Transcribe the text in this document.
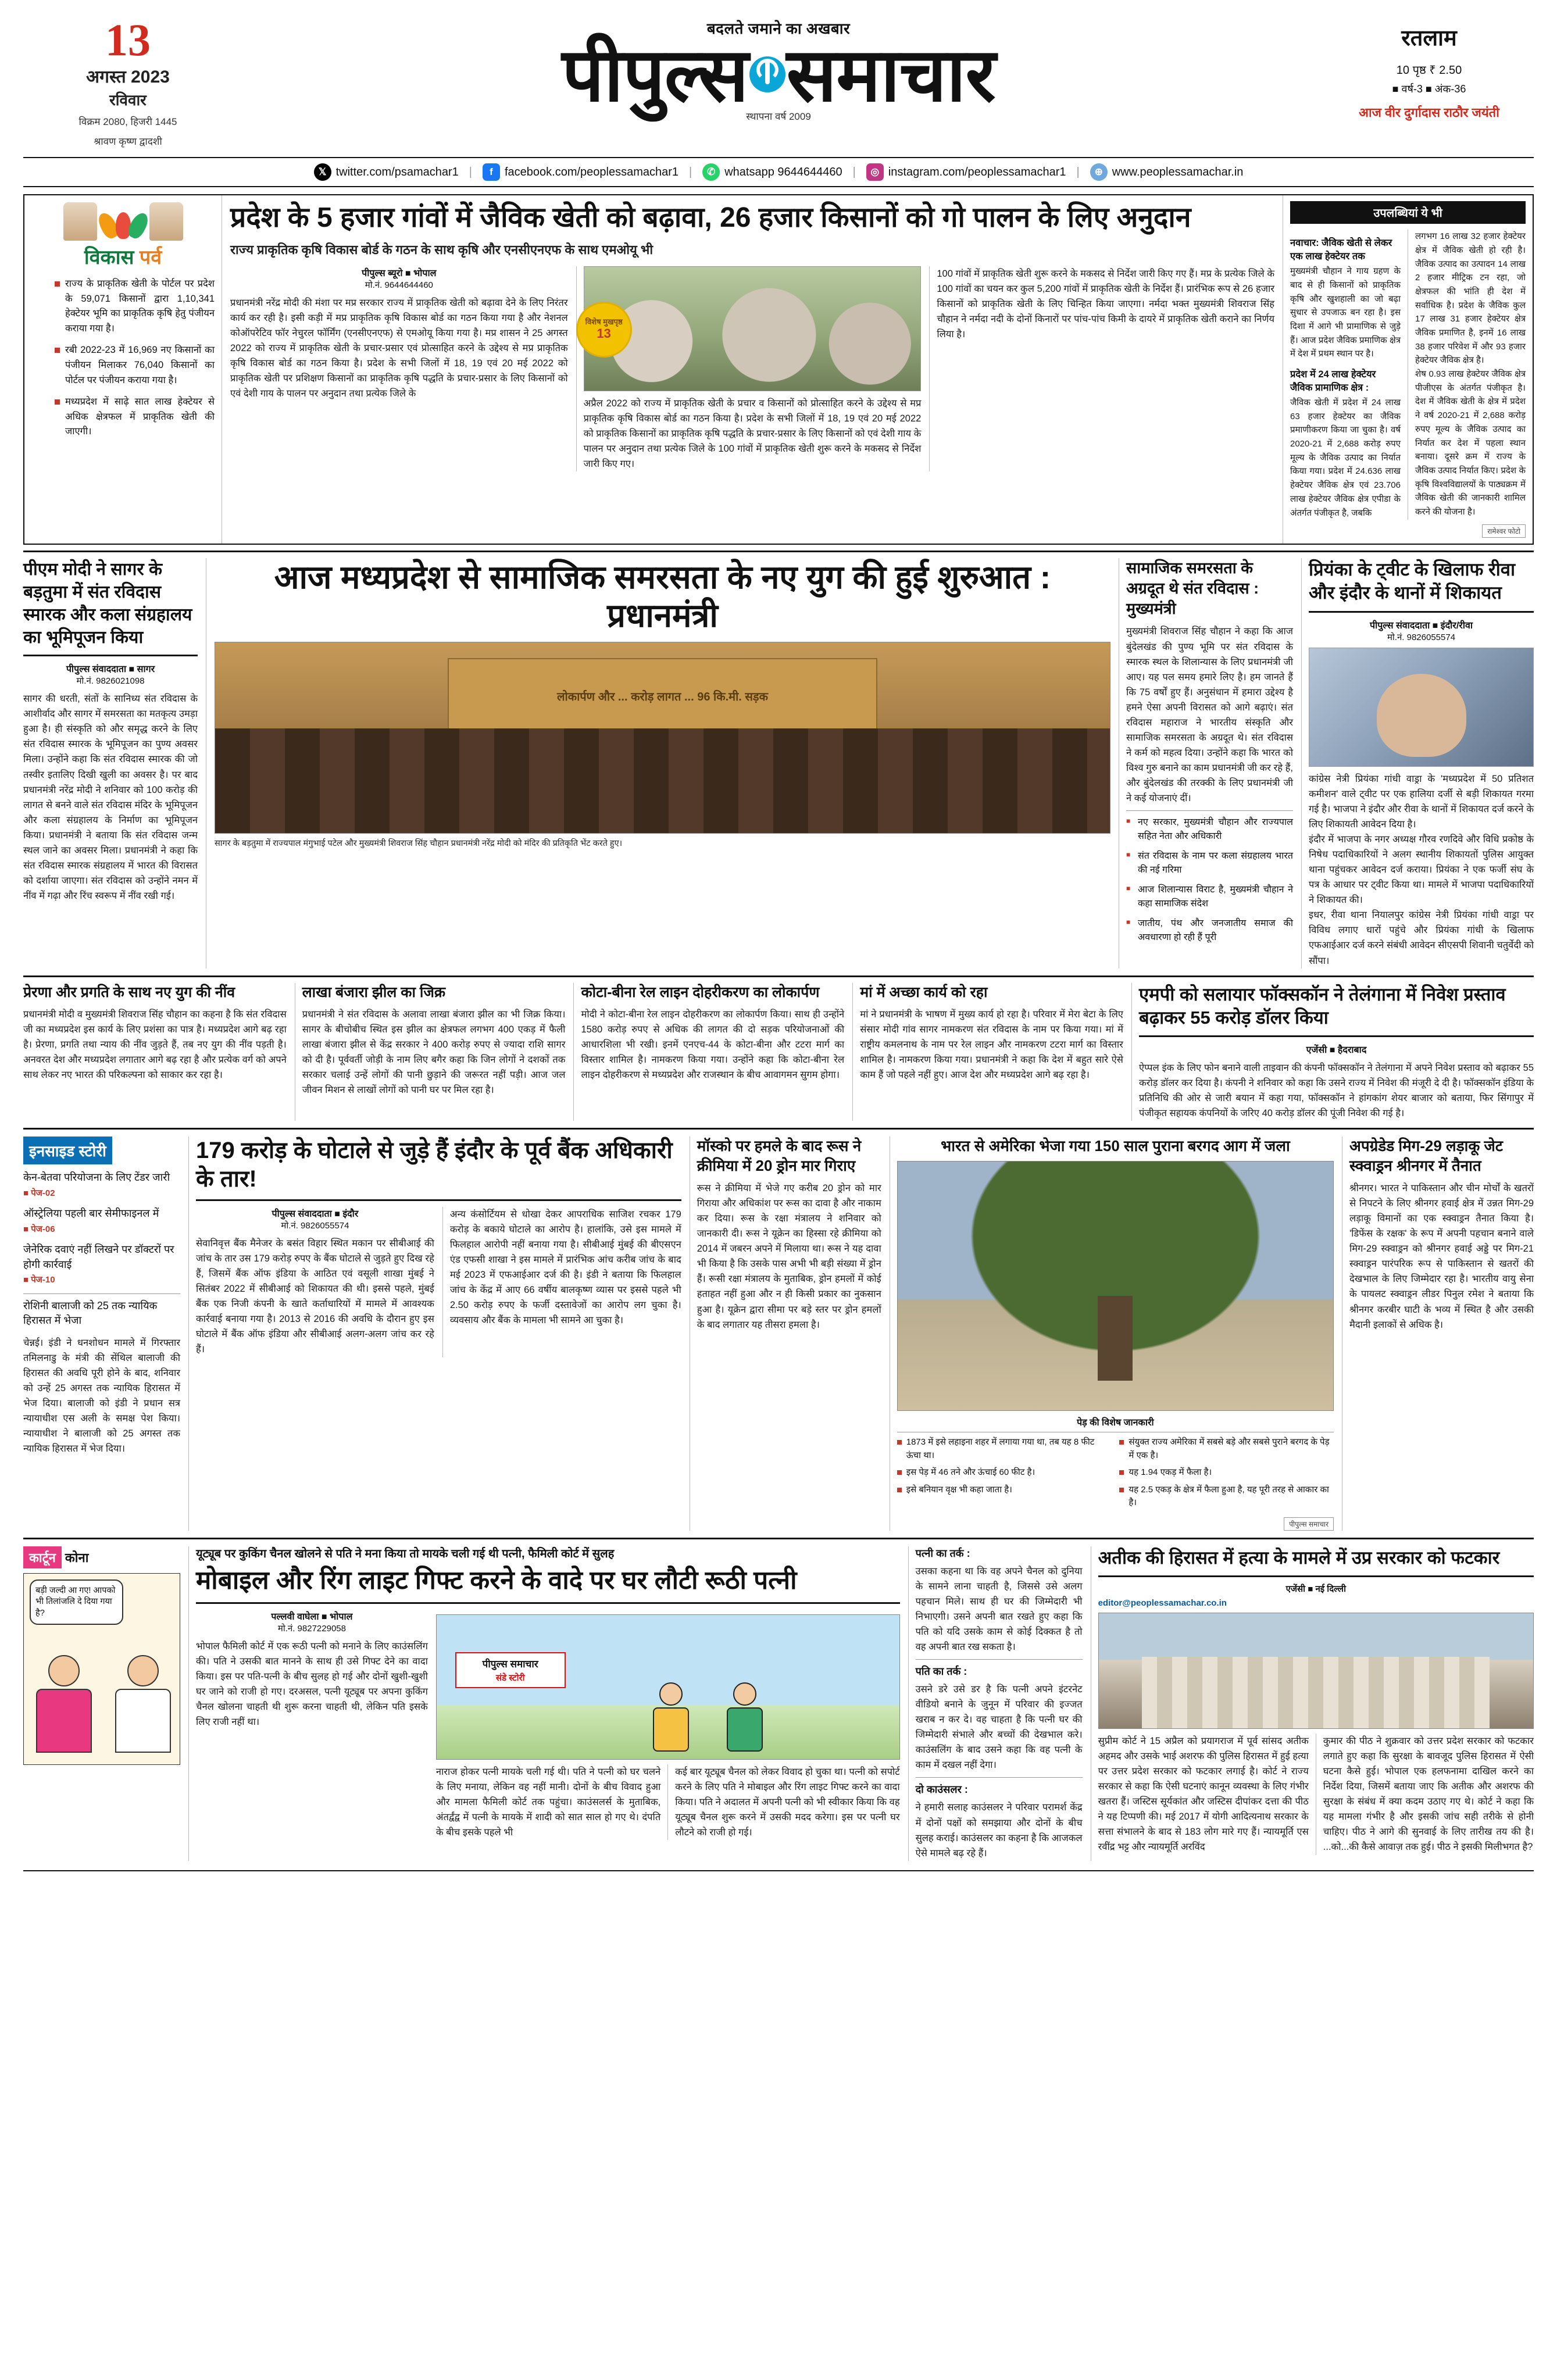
13
अगस्त 2023
रविवार
विक्रम 2080, हिजरी 1445
श्रावण कृष्ण द्वादशी
बदलते जमाने का अखबार
पीपुल्स समाचार
स्थापना वर्ष 2009
रतलाम
10 पृष्ठ ₹ 2.50
■ वर्ष-3 ■ अंक-36
आज वीर दुर्गादास राठौर जयंती
𝕏 twitter.com/psamachar1 |	f	facebook.com/peoplessamachar1 |	✆ whatsapp 9644644460 |	◎ instagram.com/peoplessamachar1 |	⊕ www.peoplessamachar.in
विकास पर्व
राज्य के प्राकृतिक खेती के पोर्टल पर प्रदेश के 59,071 किसानों द्वारा 1,10,341 हेक्टेयर भूमि का प्राकृतिक कृषि हेतु पंजीयन कराया गया है।
रबी 2022-23 में 16,969 नए किसानों का पंजीयन मिलाकर 76,040 किसानों का पोर्टल पर पंजीयन कराया गया है।
मध्यप्रदेश में साढ़े सात लाख हेक्टेयर से अधिक क्षेत्रफल में प्राकृतिक खेती की जाएगी।
प्रदेश के 5 हजार गांवों में जैविक खेती को बढ़ावा, 26 हजार किसानों को गो पालन के लिए अनुदान
राज्य प्राकृतिक कृषि विकास बोर्ड के गठन के साथ कृषि और एनसीएनएफ के साथ एमओयू भी
पीपुल्स ब्यूरो ■ भोपाल
मो.नं. 9644644460
प्रधानमंत्री नरेंद्र मोदी की मंशा पर मप्र सरकार राज्य में प्राकृतिक खेती को बढ़ावा देने के लिए निरंतर कार्य कर रही है। इसी कड़ी में मप्र प्राकृतिक कृषि विकास बोर्ड का गठन किया गया है और नेशनल कोऑपरेटिव फॉर नेचुरल फॉर्मिंग (एनसीएनएफ) से एमओयू किया गया है। मप्र शासन ने 25 अगस्त 2022 को राज्य में प्राकृतिक खेती के प्रचार-प्रसार एवं प्रोत्साहित करने के उद्देश्य से मप्र प्राकृतिक कृषि विकास बोर्ड का गठन किया है। प्रदेश के सभी जिलों में 18, 19 एवं 20 मई 2022 को प्राकृतिक खेती पर प्रशिक्षण किसानों का प्राकृतिक कृषि पद्धति के प्रचार-प्रसार के लिए किसानों को एवं देशी गाय के पालन पर अनुदान तथा प्रत्येक जिले के
विशेष मुखपृष्ठ
13
अप्रैल 2022 को राज्य में प्राकृतिक खेती के प्रचार व किसानों को प्रोत्साहित करने के उद्देश्य से मप्र प्राकृतिक कृषि विकास बोर्ड का गठन किया है। प्रदेश के सभी जिलों में 18, 19 एवं 20 मई 2022 को प्राकृतिक किसानों का प्राकृतिक कृषि पद्धति के प्रचार-प्रसार के लिए किसानों को एवं देशी गाय के पालन पर अनुदान तथा प्रत्येक जिले के 100 गांवों में प्राकृतिक खेती शुरू करने के मकसद से निर्देश जारी किए गए।
100 गांवों में प्राकृतिक खेती शुरू करने के मकसद से निर्देश जारी किए गए हैं। मप्र के प्रत्येक जिले के 100 गांवों का चयन कर कुल 5,200 गांवों में प्राकृतिक खेती के निर्देश हैं। प्रारंभिक रूप से 26 हजार किसानों को प्राकृतिक खेती के लिए चिन्हित किया जाएगा। नर्मदा भक्त मुख्यमंत्री शिवराज सिंह चौहान ने नर्मदा नदी के दोनों किनारों पर पांच-पांच किमी के दायरे में प्राकृतिक खेती कराने का निर्णय लिया है।
उपलब्धियां ये भी
नवाचार: जैविक खेती से लेकर एक लाख हेक्टेयर तक
मुख्यमंत्री चौहान ने गाय ग्रहण के बाद से ही किसानों को प्राकृतिक कृषि और खुशहाली का जो बढ़ा सुधार से उपजाऊ बन रहा है। इस दिशा में आगे भी प्रामाणिक से जुड़े हैं। आज प्रदेश जैविक प्रमाणिक क्षेत्र में देश में प्रथम स्थान पर है।
प्रदेश में 24 लाख हेक्टेयर जैविक प्रामाणिक क्षेत्र :
जैविक खेती में प्रदेश में 24 लाख 63 हजार हेक्टेयर का जैविक प्रमाणीकरण किया जा चुका है। वर्ष 2020-21 में 2,688 करोड़ रुपए मूल्य के जैविक उत्पाद का निर्यात किया गया। प्रदेश में 24.636 लाख हेक्टेयर जैविक क्षेत्र एवं 23.706 लाख हेक्टेयर जैविक क्षेत्र एपीडा के अंतर्गत पंजीकृत है, जबकि
लगभग 16 लाख 32 हजार हेक्टेयर क्षेत्र में जैविक खेती हो रही है। जैविक उत्पाद का उत्पादन 14 लाख 2 हजार मीट्रिक टन रहा, जो क्षेत्रफल की भांति ही देश में सर्वाधिक है। प्रदेश के जैविक कुल 17 लाख 31 हजार हेक्टेयर क्षेत्र जैविक प्रमाणित है, इनमें 16 लाख 38 हजार परिवेश में और 93 हजार हेक्टेयर जैविक क्षेत्र है।
शेष 0.93 लाख हेक्टेयर जैविक क्षेत्र पीजीएस के अंतर्गत पंजीकृत है। देश में जैविक खेती के क्षेत्र में प्रदेश ने वर्ष 2020-21 में 2,688 करोड़ रुपए मूल्य के जैविक उत्पाद का निर्यात कर देश में पहला स्थान बनाया। दूसरे क्रम में राज्य के जैविक उत्पाद निर्यात किए। प्रदेश के कृषि विश्वविद्यालयों के पाठ्यक्रम में जैविक खेती की जानकारी शामिल करने की योजना है।
रामेश्वर फोटो
पीएम मोदी ने सागर के बड़तुमा में संत रविदास स्मारक और कला संग्रहालय का भूमिपूजन किया
पीपुल्स संवाददाता ■ सागर
मो.नं. 9826021098
सागर की धरती, संतों के सानिध्य संत रविदास के आशीर्वाद और सागर में समरसता का मतकृत्य उमड़ा हुआ है। ही संस्कृति को और समृद्ध करने के लिए संत रविदास स्मारक के भूमिपूजन का पुण्य अवसर मिला। उन्होंने कहा कि संत रविदास स्मारक की जो तस्वीर इतालिए दिखी खुली का अवसर है। पर बाद प्रधानमंत्री नरेंद्र मोदी ने शनिवार को 100 करोड़ की लागत से बनने वाले संत रविदास मंदिर के भूमिपूजन और कला संग्रहालय के निर्माण का भूमिपूजन किया। प्रधानमंत्री ने बताया कि संत रविदास जन्म स्थल जाने का अवसर मिला। प्रधानमंत्री ने कहा कि संत रविदास स्मारक संग्रहालय में भारत की विरासत को दर्शाया जाएगा। संत रविदास को उन्होंने नमन में नींव में गढ़ा और रिंच स्वरूप में नींव रखी गई।
आज मध्यप्रदेश से सामाजिक समरसता के नए युग की हुई शुरुआत : प्रधानमंत्री
लोकार्पण और ... करोड़ लागत ... 96 कि.मी. सड़क
सागर के बड़तुमा में राज्यपाल मंगुभाई पटेल और मुख्यमंत्री शिवराज सिंह चौहान प्रधानमंत्री नरेंद्र मोदी को मंदिर की प्रतिकृति भेंट करते हुए।
सामाजिक समरसता के अग्रदूत थे संत रविदास : मुख्यमंत्री
मुख्यमंत्री शिवराज सिंह चौहान ने कहा कि आज बुंदेलखंड की पुण्य भूमि पर संत रविदास के स्मारक स्थल के शिलान्यास के लिए प्रधानमंत्री जी आए। यह पल समय हमारे लिए है। हम जानते हैं कि 75 वर्षों हुए हैं। अनुसंधान में हमारा उद्देश्य है हमने ऐसा अपनी विरासत को आगे बढ़ाएं। संत रविदास महाराज ने भारतीय संस्कृति और सामाजिक समरसता के अग्रदूत थे। संत रविदास ने कर्म को महत्व दिया। उन्होंने कहा कि भारत को विश्व गुरु बनाने का काम प्रधानमंत्री जी कर रहे हैं, और बुंदेलखंड की तरक्की के लिए प्रधानमंत्री जी ने कई योजनाएं दीं।
■ नए सरकार, मुख्यमंत्री चौहान और राज्यपाल सहित नेता और अधिकारी
■ संत रविदास के नाम पर कला संग्रहालय भारत की नई गरिमा
■ आज शिलान्यास विराट है, मुख्यमंत्री चौहान ने कहा सामाजिक संदेश
■ जातीय, पंथ और जनजातीय समाज की अवधारणा हो रही हैं पूरी
प्रियंका के ट्वीट के खिलाफ रीवा और इंदौर के थानों में शिकायत
पीपुल्स संवाददाता ■ इंदौर/रीवा
मो.नं. 9826055574
कांग्रेस नेत्री प्रियंका गांधी वाड्रा के 'मध्यप्रदेश में 50 प्रतिशत कमीशन' वाले ट्वीट पर एक हालिया दर्जी से बड़ी शिकायत गरमा गई है। भाजपा ने इंदौर और रीवा के थानों में शिकायत दर्ज करने के लिए शिकायती आवेदन दिया है।
इंदौर में भाजपा के नगर अध्यक्ष गौरव रणदिवे और विधि प्रकोष्ठ के निषेध पदाधिकारियों ने अलग स्थानीय शिकायतों पुलिस आयुक्त थाना पहुंचकर आवेदन दर्ज कराया। प्रियंका ने एक फर्जी संघ के पत्र के आधार पर ट्वीट किया था। मामले में भाजपा पदाधिकारियों ने शिकायत की।
इधर, रीवा थाना नियालपुर कांग्रेस नेत्री प्रियंका गांधी वाड्रा पर विविध लगाए धारों पहुंचे और प्रियंका गांधी के खिलाफ एफआईआर दर्ज करने संबंधी आवेदन सीएसपी शिवानी चतुर्वेदी को सौंपा।
प्रेरणा और प्रगति के साथ नए युग की नींव
प्रधानमंत्री मोदी व मुख्यमंत्री शिवराज सिंह चौहान का कहना है कि संत रविदास जी का मध्यप्रदेश इस कार्य के लिए प्रशंसा का पात्र है। मध्यप्रदेश आगे बढ़ रहा है। प्रेरणा, प्रगति तथा न्याय की नींव जुड़ते हैं, तब नए युग की नींव पड़ती है। अनवरत देश और मध्यप्रदेश लगातार आगे बढ़ रहा है और प्रत्येक वर्ग को अपने साथ लेकर नए भारत की परिकल्पना को साकार कर रहा है।
लाखा बंजारा झील का जिक्र
प्रधानमंत्री ने संत रविदास के अलावा लाखा बंजारा झील का भी जिक्र किया। सागर के बीचोबीच स्थित इस झील का क्षेत्रफल लगभग 400 एकड़ में फैली लाखा बंजारा झील से केंद्र सरकार ने 400 करोड़ रुपए से ज्यादा राशि सागर को दी है। पूर्ववर्ती जोड़ी के नाम लिए बगैर कहा कि जिन लोगों ने दशकों तक सरकार चलाई उन्हें लोगों की पानी छुड़ाने की जरूरत नहीं पड़ी। आज जल जीवन मिशन से लाखों लोगों को पानी घर पर मिल रहा है।
कोटा-बीना रेल लाइन दोहरीकरण का लोकार्पण
मोदी ने कोटा-बीना रेल लाइन दोहरीकरण का लोकार्पण किया। साथ ही उन्होंने 1580 करोड़ रुपए से अधिक की लागत की दो सड़क परियोजनाओं की आधारशिला भी रखी। इनमें एनएच-44 के कोटा-बीना और टटरा मार्ग का विस्तार शामिल है। नामकरण किया गया। उन्होंने कहा कि कोटा-बीना रेल लाइन दोहरीकरण से मध्यप्रदेश और राजस्थान के बीच आवागमन सुगम होगा।
मां में अच्छा कार्य को रहा
मां ने प्रधानमंत्री के भाषण में मुख्य कार्य हो रहा है। परिवार में मेरा बेटा के लिए संसार मोदी गांव सागर नामकरण संत रविदास के नाम पर किया गया। मां में राष्ट्रीय कमलनाथ के नाम पर रेल लाइन और नामकरण टटरा मार्ग का विस्तार शामिल है। नामकरण किया गया। प्रधानमंत्री ने कहा कि देश में बहुत सारे ऐसे काम हैं जो पहले नहीं हुए। आज देश और मध्यप्रदेश आगे बढ़ रहा है।
एमपी को सलायार फॉक्सकॉन ने तेलंगाना में निवेश प्रस्ताव बढ़ाकर 55 करोड़ डॉलर किया
एजेंसी ■ हैदराबाद
ऐप्पल इंक के लिए फोन बनाने वाली ताइवान की कंपनी फॉक्सकॉन ने तेलंगाना में अपने निवेश प्रस्ताव को बढ़ाकर 55 करोड़ डॉलर कर दिया है। कंपनी ने शनिवार को कहा कि उसने राज्य में निवेश की मंजूरी दे दी है। फॉक्सकॉन इंडिया के प्रतिनिधि की ओर से जारी बयान में कहा गया, फॉक्सकॉन ने हांगकांग शेयर बाजार को बताया, फिर सिंगापुर में पंजीकृत सहायक कंपनियों के जरिए 40 करोड़ डॉलर की पूंजी निवेश की गई है।
इनसाइड स्टोरी
केन-बेतवा परियोजना के लिए टेंडर जारी
■ पेज-02
ऑस्ट्रेलिया पहली बार सेमीफाइनल में
■ पेज-06
जेनेरिक दवाएं नहीं लिखने पर डॉक्टरों पर होगी कार्रवाई
■ पेज-10
राेशिनी बालाजी को 25 तक न्यायिक हिरासत में भेजा
चेन्नई। इंडी ने धनशोधन मामले में गिरफ्तार तमिलनाडु के मंत्री की सेंथिल बालाजी की हिरासत की अवधि पूरी होने के बाद, शनिवार को उन्हें 25 अगस्त तक न्यायिक हिरासत में भेज दिया। बालाजी को इंडी ने प्रधान सत्र न्यायाधीश एस अली के समक्ष पेश किया। न्यायाधीश ने बालाजी को 25 अगस्त तक न्यायिक हिरासत में भेज दिया।
179 करोड़ के घोटाले से जुड़े हैं इंदौर के पूर्व बैंक अधिकारी के तार!
पीपुल्स संवाददाता ■ इंदौर
मो.नं. 9826055574
सेवानिवृत्त बैंक मैनेजर के बसंत विहार स्थित मकान पर सीबीआई की जांच के तार उस 179 करोड़ रुपए के बैंक घोटाले से जुड़ते हुए दिख रहे हैं, जिसमें बैंक ऑफ इंडिया के आठित एवं वसूली शाखा मुंबई ने सितंबर 2022 में सीबीआई को शिकायत की थी। इससे पहले, मुंबई बैंक एक निजी कंपनी के खाते कर्ताधारियों में मामले में आवश्यक कार्रवाई बनाया गया है। 2013 से 2016 की अवधि के दौरान हुए इस घोटाले में बैंक ऑफ इंडिया और सीबीआई अलग-अलग जांच कर रहे हैं।
अन्य कंसोर्टियम से धोखा देकर आपराधिक साजिश रचकर 179 करोड़ के बकाये घोटाले का आरोप है। हालांकि, उसे इस मामले में फिलहाल आरोपी नहीं बनाया गया है। सीबीआई मुंबई की बीएसएन एंड एफसी शाखा ने इस मामले में प्रारंभिक आंच करीब जांच के बाद मई 2023 में एफआईआर दर्ज की है। इंडी ने बताया कि फिलहाल जांच के केंद्र में आए 66 वर्षीय बालकृष्ण व्यास पर इससे पहले भी 2.50 करोड़ रुपए के फर्जी दस्तावेजों का आरोप लग चुका है। व्यवसाय और बैंक के मामला भी सामने आ चुका है।
मॉस्को पर हमले के बाद रूस ने क्रीमिया में 20 ड्रोन मार गिराए
रूस ने क्रीमिया में भेजे गए करीब 20 ड्रोन को मार गिराया और अधिकांश पर रूस का दावा है और नाकाम कर दिया। रूस के रक्षा मंत्रालय ने शनिवार को जानकारी दी। रूस ने यूक्रेन का हिस्सा रहे क्रीमिया को 2014 में जबरन अपने में मिलाया था। रूस ने यह दावा भी किया है कि उसके पास अभी भी बड़ी संख्या में ड्रोन हैं। रूसी रक्षा मंत्रालय के मुताबिक, ड्रोन हमलों में कोई हताहत नहीं हुआ और न ही किसी प्रकार का नुकसान हुआ है। यूक्रेन द्वारा सीमा पर बड़े स्तर पर ड्रोन हमलों के बाद लगातार यह तीसरा हमला है।
भारत से अमेरिका भेजा गया 150 साल पुराना बरगद आग में जला
पेड़ की विशेष जानकारी
1873 में इसे लहाइना शहर में लगाया गया था, तब यह 8 फीट ऊंचा था।
इस पेड़ में 46 तने और ऊंचाई 60 फीट है।
इसे बनियान वृक्ष भी कहा जाता है।
संयुक्त राज्य अमेरिका में सबसे बड़े और सबसे पुराने बरगद के पेड़ में एक है।
यह 1.94 एकड़ में फैला है।
यह 2.5 एकड़ के क्षेत्र में फैला हुआ है, यह पूरी तरह से आकार का है।
पीपुल्स समाचार
अपग्रेडेड मिग-29 लड़ाकू जेट स्क्वाड्रन श्रीनगर में तैनात
श्रीनगर। भारत ने पाकिस्तान और चीन मोर्चों के खतरों से निपटने के लिए श्रीनगर हवाई क्षेत्र में उन्नत मिग-29 लड़ाकू विमानों का एक स्क्वाड्रन तैनात किया है। 'डिफेंस के रक्षक' के रूप में अपनी पहचान बनाने वाले मिग-29 स्क्वाड्रन को श्रीनगर हवाई अड्डे पर मिग-21 स्क्वाड्रन पारंपरिक रूप से पाकिस्तान से खतरों की देखभाल के लिए जिम्मेदार रहा है। भारतीय वायु सेना के पायलट स्क्वाड्रन लीडर पिनुल रमेश ने बताया कि श्रीनगर करबीर घाटी के भव्य में स्थित है और उसकी मैदानी इलाकों से अधिक है।
कार्टून कोना
बड़ी जल्दी आ गए! आपको भी तिलांजलि दे दिया गया है?
यूट्यूब पर कुकिंग चैनल खोलने से पति ने मना किया तो मायके चली गई थी पत्नी, फैमिली कोर्ट में सुलह
मोबाइल और रिंग लाइट गिफ्ट करने के वादे पर घर लौटी रूठी पत्नी
पल्लवी वाघेला ■ भोपाल
मो.नं. 9827229058
भोपाल फैमिली कोर्ट में एक रूठी पत्नी को मनाने के लिए काउंसलिंग की। पति ने उसकी बात मानने के साथ ही उसे गिफ्ट देने का वादा किया। इस पर पति-पत्नी के बीच सुलह हो गई और दोनों खुशी-खुशी घर जाने को राजी हो गए। दरअसल, पत्नी यूट्यूब पर अपना कुकिंग चैनल खोलना चाहती थी शुरू करना चाहती थी, लेकिन पति इसके लिए राजी नहीं था।
पीपुल्स समाचार
संडे स्टोरी
नाराज होकर पत्नी मायके चली गई थी। पति ने पत्नी को घर चलने के लिए मनाया, लेकिन वह नहीं मानी। दोनों के बीच विवाद हुआ और मामला फैमिली कोर्ट तक पहुंचा। काउंसलर्स के मुताबिक, अंतर्द्वंद्व में पत्नी के मायके में शादी को सात साल हो गए थे। दंपति के बीच इसके पहले भी
कई बार यूट्यूब चैनल को लेकर विवाद हो चुका था। पत्नी को सपोर्ट करने के लिए पति ने मोबाइल और रिंग लाइट गिफ्ट करने का वादा किया। पति ने अदालत में अपनी पत्नी को भी स्वीकार किया कि वह यूट्यूब चैनल शुरू करने में उसकी मदद करेगा। इस पर पत्नी घर लौटने को राजी हो गई।
पत्नी का तर्क :
उसका कहना था कि वह अपने चैनल को दुनिया के सामने लाना चाहती है, जिससे उसे अलग पहचान मिले। साथ ही घर की जिम्मेदारी भी निभाएगी। उसने अपनी बात रखते हुए कहा कि पति को यदि उसके काम से कोई दिक्कत है तो वह अपनी बात रख सकता है।
पति का तर्क :
उसने डरे उसे डर है कि पत्नी अपने इंटरनेट वीडियो बनाने के जुनून में परिवार की इज्जत खराब न कर दे। वह चाहता है कि पत्नी घर की जिम्मेदारी संभाले और बच्चों की देखभाल करे। काउंसलिंग के बाद उसने कहा कि वह पत्नी के काम में दखल नहीं देगा।
दो काउंसलर :
ने हमारी सलाह काउंसलर ने परिवार परामर्श केंद्र में दोनों पक्षों को समझाया और दोनों के बीच सुलह कराई। काउंसलर का कहना है कि आजकल ऐसे मामले बढ़ रहे हैं।
अतीक की हिरासत में हत्या के मामले में उप्र सरकार को फटकार
एजेंसी ■ नई दिल्ली
editor@peoplessamachar.co.in
सुप्रीम कोर्ट ने 15 अप्रैल को प्रयागराज में पूर्व सांसद अतीक अहमद और उसके भाई अशरफ की पुलिस हिरासत में हुई हत्या पर उत्तर प्रदेश सरकार को फटकार लगाई है। कोर्ट ने राज्य सरकार से कहा कि ऐसी घटनाएं कानून व्यवस्था के लिए गंभीर खतरा हैं। जस्टिस सूर्यकांत और जस्टिस दीपांकर दत्ता की पीठ ने यह टिप्पणी की। मई 2017 में योगी आदित्यनाथ सरकार के सत्ता संभालने के बाद से 183 लोग मारे गए हैं। न्यायमूर्ति एस रवींद्र भट्ट और न्यायमूर्ति अरविंद
कुमार की पीठ ने शुक्रवार को उत्तर प्रदेश सरकार को फटकार लगाते हुए कहा कि सुरक्षा के बावजूद पुलिस हिरासत में ऐसी घटना कैसे हुई। भोपाल एक हलफनामा दाखिल करने का निर्देश दिया, जिसमें बताया जाए कि अतीक और अशरफ की सुरक्षा के संबंध में क्या कदम उठाए गए थे। कोर्ट ने कहा कि यह मामला गंभीर है और इसकी जांच सही तरीके से होनी चाहिए। पीठ ने आगे की सुनवाई के लिए तारीख तय की है। ...को...की कैसे आवाज़ तक हुई। पीठ ने इसकी मिलीभगत है?
